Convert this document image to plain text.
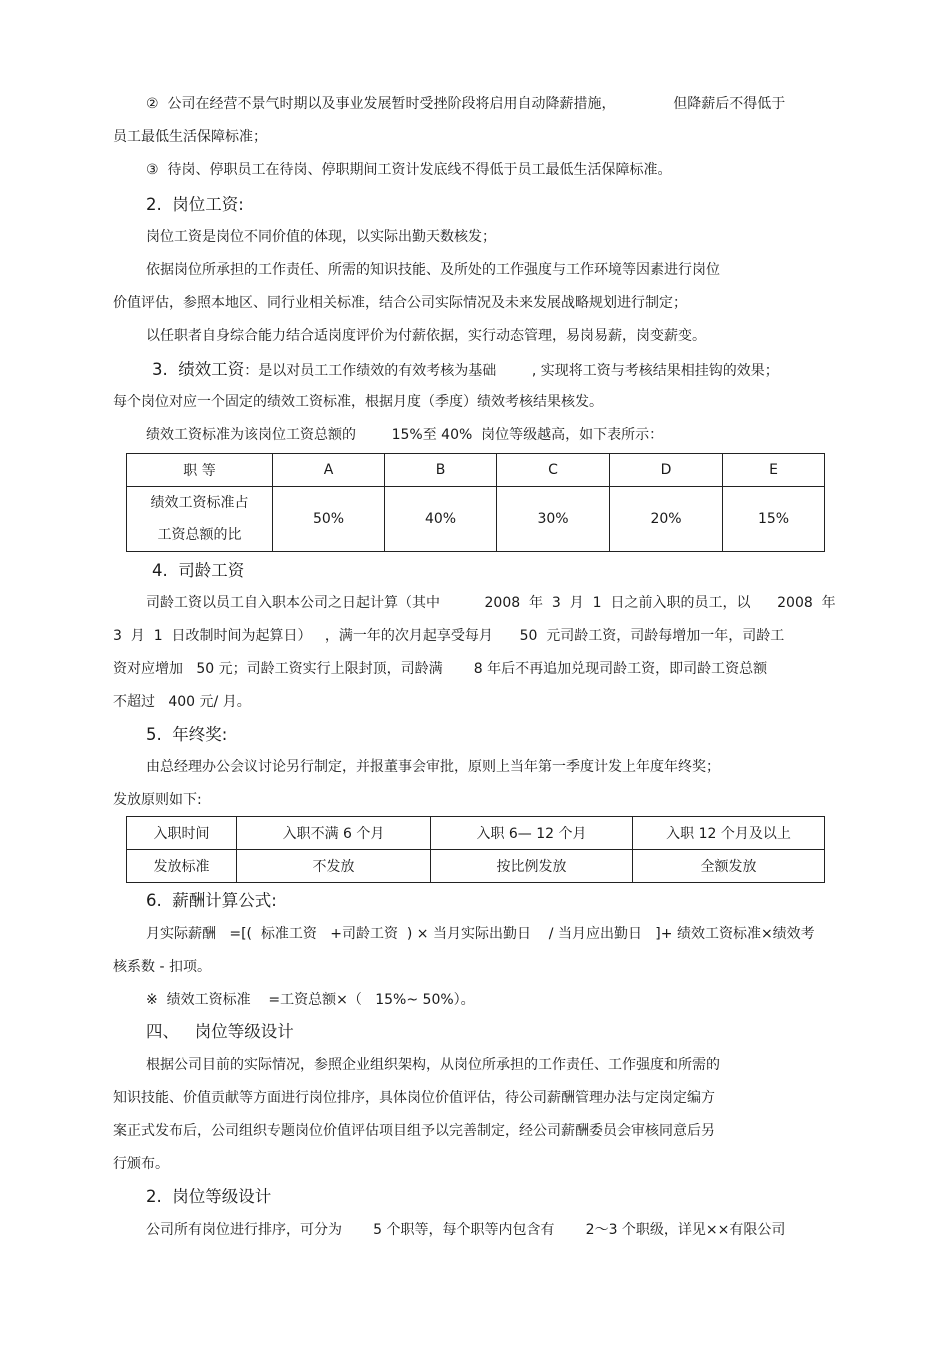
②  公司在经营不景气时期以及事业发展暂时受挫阶段将启用自动降薪措施，             但降薪后不得低于
员工最低生活保障标准；
③  待岗、停职员工在待岗、停职期间工资计发底线不得低于员工最低生活保障标准。
2.  岗位工资:
岗位工资是岗位不同价值的体现，以实际出勤天数核发；
依据岗位所承担的工作责任、所需的知识技能、及所处的工作强度与工作环境等因素进行岗位
价值评估，参照本地区、同行业相关标准，结合公司实际情况及未来发展战略规划进行制定；
以任职者自身综合能力结合适岗度评价为付薪依据，实行动态管理，易岗易薪，岗变薪变。
3.  绩效工资：是以对员工工作绩效的有效考核为基础        , 实现将工资与考核结果相挂钩的效果；
每个岗位对应一个固定的绩效工资标准，根据月度（季度）绩效考核结果核发。
绩效工资标准为该岗位工资总额的        15%至 40%  岗位等级越高，如下表所示：
职 等	A	B	C	D	E

绩效工资标准占
工资总额的比	50%	40%	30%	20%	15%
4.  司龄工资
司龄工资以员工自入职本公司之日起计算（其中          2008  年  3  月  1  日之前入职的员工，以      2008  年
3  月  1  日改制时间为起算日）   ，满一年的次月起享受每月      50  元司龄工资，司龄每增加一年，司龄工
资对应增加   50 元；司龄工资实行上限封顶，司龄满       8 年后不再追加兑现司龄工资，即司龄工资总额
不超过   400 元/ 月。
5.  年终奖:
由总经理办公会议讨论另行制定，并报董事会审批，原则上当年第一季度计发上年度年终奖；
发放原则如下:
入职时间	入职不满 6 个月	入职 6— 12 个月	入职 12 个月及以上
发放标准	不发放	按比例发放	全额发放
6.  薪酬计算公式:
月实际薪酬   =[(  标准工资   +司龄工资  ) × 当月实际出勤日    / 当月应出勤日   ]+ 绩效工资标准×绩效考
核系数 - 扣项。
※  绩效工资标准    =工资总额×（   15%~ 50%）。
四、   岗位等级设计
根据公司目前的实际情况，参照企业组织架构，从岗位所承担的工作责任、工作强度和所需的
知识技能、价值贡献等方面进行岗位排序，具体岗位价值评估，待公司薪酬管理办法与定岗定编方
案正式发布后，公司组织专题岗位价值评估项目组予以完善制定，经公司薪酬委员会审核同意后另
行颁布。
2.  岗位等级设计
公司所有岗位进行排序，可分为       5 个职等，每个职等内包含有       2～3 个职级，详见××有限公司
